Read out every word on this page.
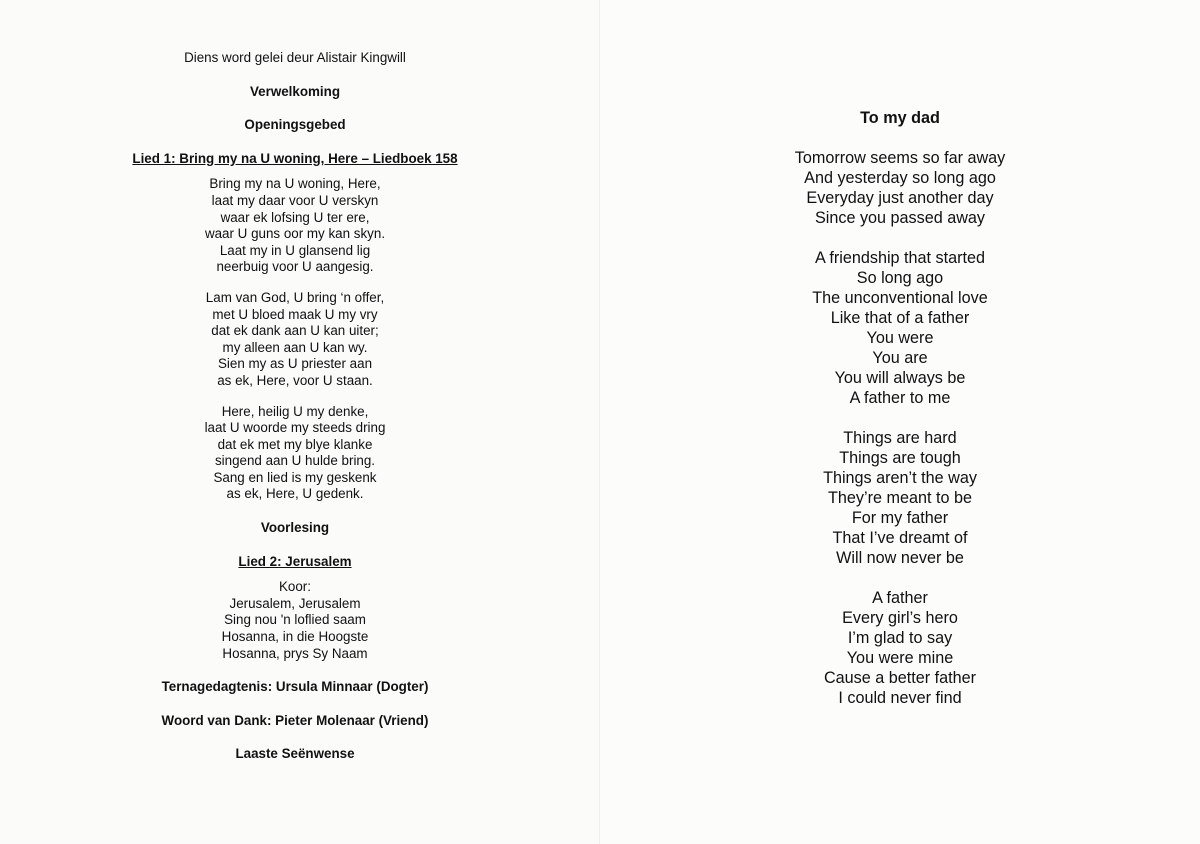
Diens word gelei deur Alistair Kingwill
Verwelkoming
Openingsgebed
Lied 1: Bring my na U woning, Here – Liedboek 158
Bring my na U woning, Here,
laat my daar voor U verskyn
waar ek lofsing U ter ere,
waar U guns oor my kan skyn.
Laat my in U glansend lig
neerbuig voor U aangesig.
Lam van God, U bring ‘n offer,
met U bloed maak U my vry
dat ek dank aan U kan uiter;
my alleen aan U kan wy.
Sien my as U priester aan
as ek, Here, voor U staan.
Here, heilig U my denke,
laat U woorde my steeds dring
dat ek met my blye klanke
singend aan U hulde bring.
Sang en lied is my geskenk
as ek, Here, U gedenk.
Voorlesing
Lied 2: Jerusalem
Koor:
Jerusalem, Jerusalem
Sing nou 'n loflied saam
Hosanna, in die Hoogste
Hosanna, prys Sy Naam
Ternagedagtenis: Ursula Minnaar (Dogter)
Woord van Dank: Pieter Molenaar (Vriend)
Laaste Seënwense
To my dad
Tomorrow seems so far away
And yesterday so long ago
Everyday just another day
Since you passed away
A friendship that started
So long ago
The unconventional love
Like that of a father
You were
You are
You will always be
A father to me
Things are hard
Things are tough
Things aren’t the way
They’re meant to be
For my father
That I’ve dreamt of
Will now never be
A father
Every girl’s hero
I’m glad to say
You were mine
Cause a better father
I could never find
